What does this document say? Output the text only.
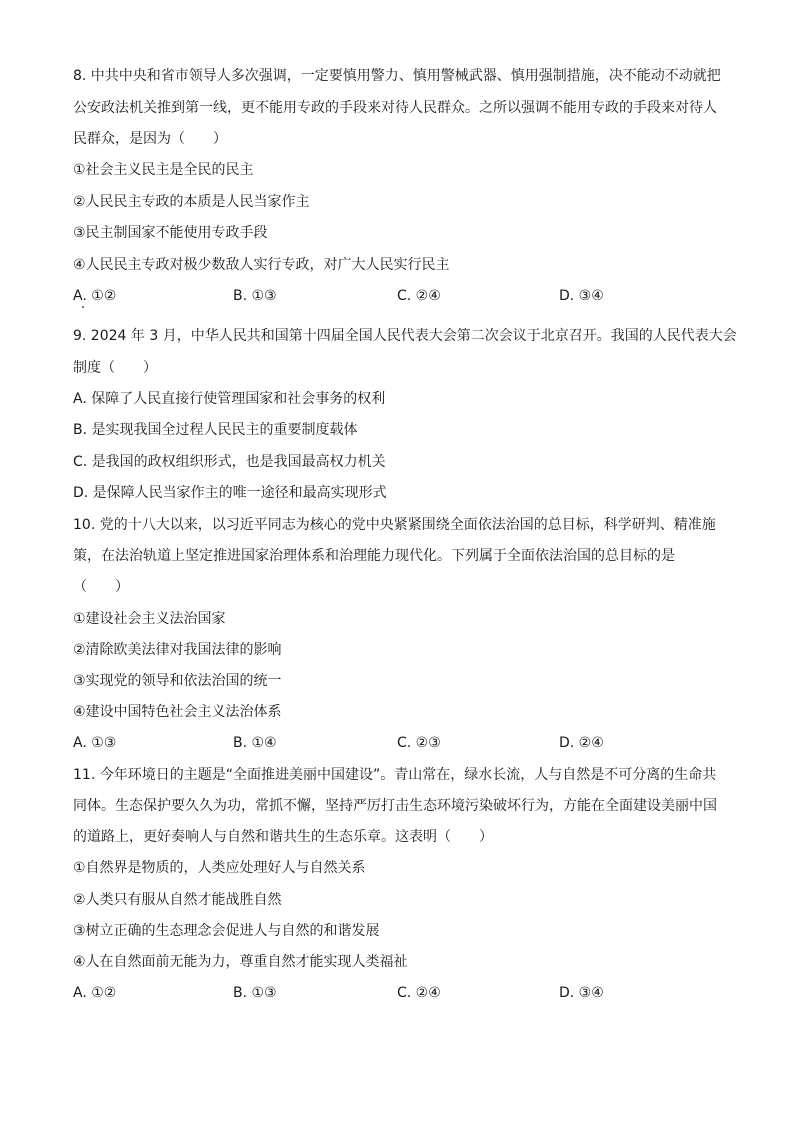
8. 中共中央和省市领导人多次强调，一定要慎用警力、慎用警械武器、慎用强制措施，决不能动不动就把
公安政法机关推到第一线，更不能用专政的手段来对待人民群众。之所以强调不能用专政的手段来对待人
民群众，是因为（　　）
①社会主义民主是全民的民主
②人民民主专政的本质是人民当家作主
③民主制国家不能使用专政手段
④人民民主专政对极少数敌人实行专政，对广大人民实行民主
A. ①②	B. ①③	C. ②④	D. ③④
9. 2024 年 3 月，中华人民共和国第十四届全国人民代表大会第二次会议于北京召开。我国的人民代表大会
制度（　　）
A. 保障了人民直接行使管理国家和社会事务的权利
B. 是实现我国全过程人民民主的重要制度载体
C. 是我国的政权组织形式，也是我国最高权力机关
D. 是保障人民当家作主的唯一途径和最高实现形式
10. 党的十八大以来，以习近平同志为核心的党中央紧紧围绕全面依法治国的总目标，科学研判、精准施
策，在法治轨道上坚定推进国家治理体系和治理能力现代化。下列属于全面依法治国的总目标的是
（　　）
①建设社会主义法治国家
②清除欧美法律对我国法律的影响
③实现党的领导和依法治国的统一
④建设中国特色社会主义法治体系
A. ①③	B. ①④	C. ②③	D. ②④
11. 今年环境日的主题是“全面推进美丽中国建设”。青山常在，绿水长流，人与自然是不可分离的生命共
同体。生态保护要久久为功，常抓不懈，坚持严厉打击生态环境污染破坏行为，方能在全面建设美丽中国
的道路上，更好奏响人与自然和谐共生的生态乐章。这表明（　　）
①自然界是物质的，人类应处理好人与自然关系
②人类只有服从自然才能战胜自然
③树立正确的生态理念会促进人与自然的和谐发展
④人在自然面前无能为力，尊重自然才能实现人类福祉
A. ①②	B. ①③	C. ②④	D. ③④
